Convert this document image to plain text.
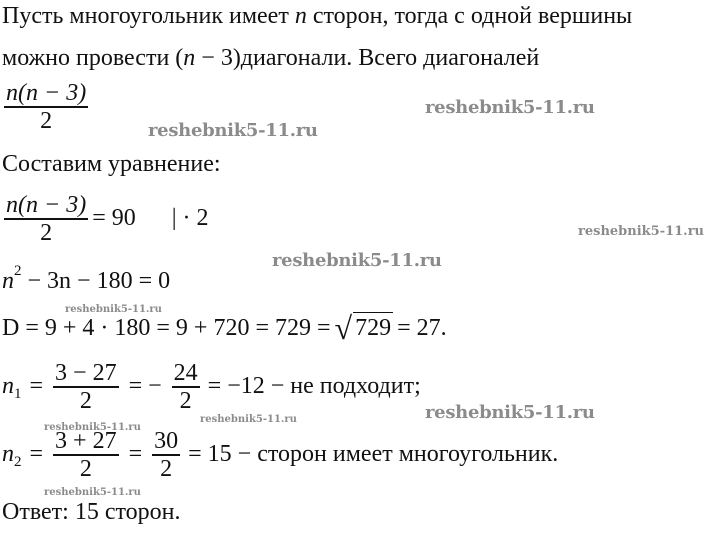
Пусть многоугольник имеет n сторон, тогда с одной вершины
можно провести (n − 3)диагонали. Всего диагоналей
$\frac{n(n - 3)}{2}$
Составим уравнение:
$\frac{n(n - 3)}{2} = 90$ | · 2
n 2 − 3n − 180 = 0
D = 9 + 4 · 180 = 9 + 720 = 729 = √ 729 = 27.
n $1 = \frac{3 - 27}{2}$ = − $\frac{24}{2} = -12$ − не подходит;
n $2 = \frac{3 + 27}{2} = \frac{30}{2} = 15$ − сторон имеет многоугольник.
Ответ: 15 сторон.
reshebnik5-11.ru
reshebnik5-11.ru
reshebnik5-11.ru
reshebnik5-11.ru
reshebnik5-11.ru
reshebnik5-11.ru
reshebnik5-11.ru
reshebnik5-11.ru
reshebnik5-11.ru
